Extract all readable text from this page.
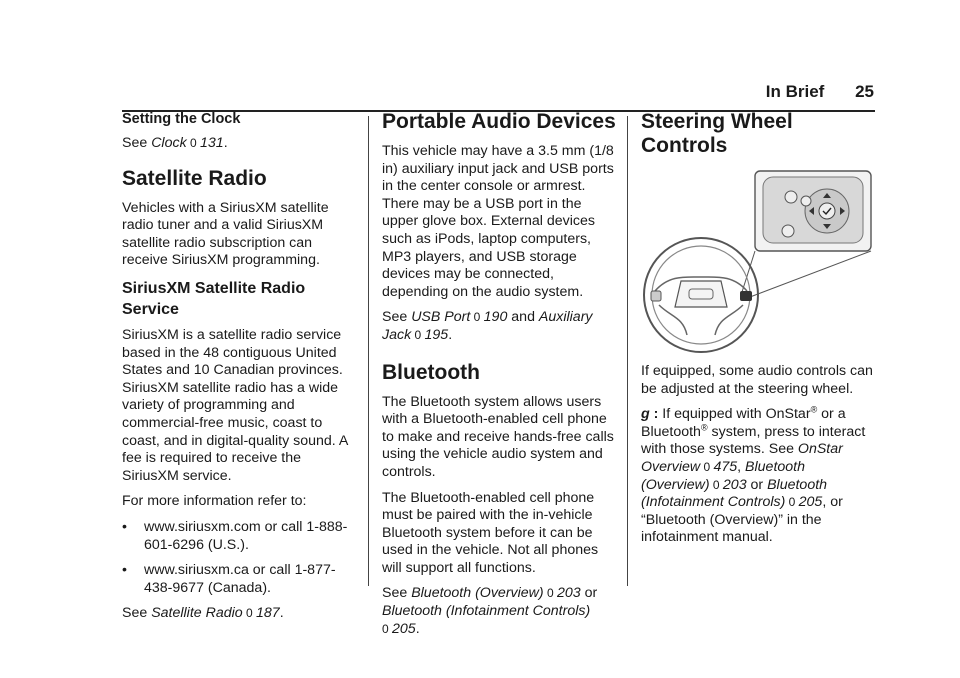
In Brief 25
Setting the Clock

See Clock 0 131.

Satellite Radio

Vehicles with a SiriusXM satellite radio tuner and a valid SiriusXM satellite radio subscription can receive SiriusXM programming.

SiriusXM Satellite Radio Service

SiriusXM is a satellite radio service based in the 48 contiguous United States and 10 Canadian provinces. SiriusXM satellite radio has a wide variety of programming and commercial-free music, coast to coast, and in digital-quality sound. A fee is required to receive the SiriusXM service.

For more information refer to:

•	www.siriusxm.com or call 1-888-601-6296 (U.S.).
•	www.siriusxm.ca or call 1-877-438-9677 (Canada).

See Satellite Radio 0 187.

Portable Audio Devices

This vehicle may have a 3.5 mm (1/8 in) auxiliary input jack and USB ports in the center console or armrest. There may be a USB port in the upper glove box. External devices such as iPods, laptop computers, MP3 players, and USB storage devices may be connected, depending on the audio system.

See USB Port 0 190 and Auxiliary Jack 0 195.

Bluetooth

The Bluetooth system allows users with a Bluetooth-enabled cell phone to make and receive hands-free calls using the vehicle audio system and controls.

The Bluetooth-enabled cell phone must be paired with the in-vehicle Bluetooth system before it can be used in the vehicle. Not all phones will support all functions.

See Bluetooth (Overview) 0 203 or
Bluetooth (Infotainment Controls)
0 205.

Steering Wheel Controls

If equipped, some audio controls can be adjusted at the steering wheel.

g : If equipped with OnStar® or a Bluetooth® system, press to interact with those systems. See OnStar Overview 0 475, Bluetooth (Overview) 0 203 or Bluetooth (Infotainment Controls) 0 205, or “Bluetooth (Overview)” in the infotainment manual.
